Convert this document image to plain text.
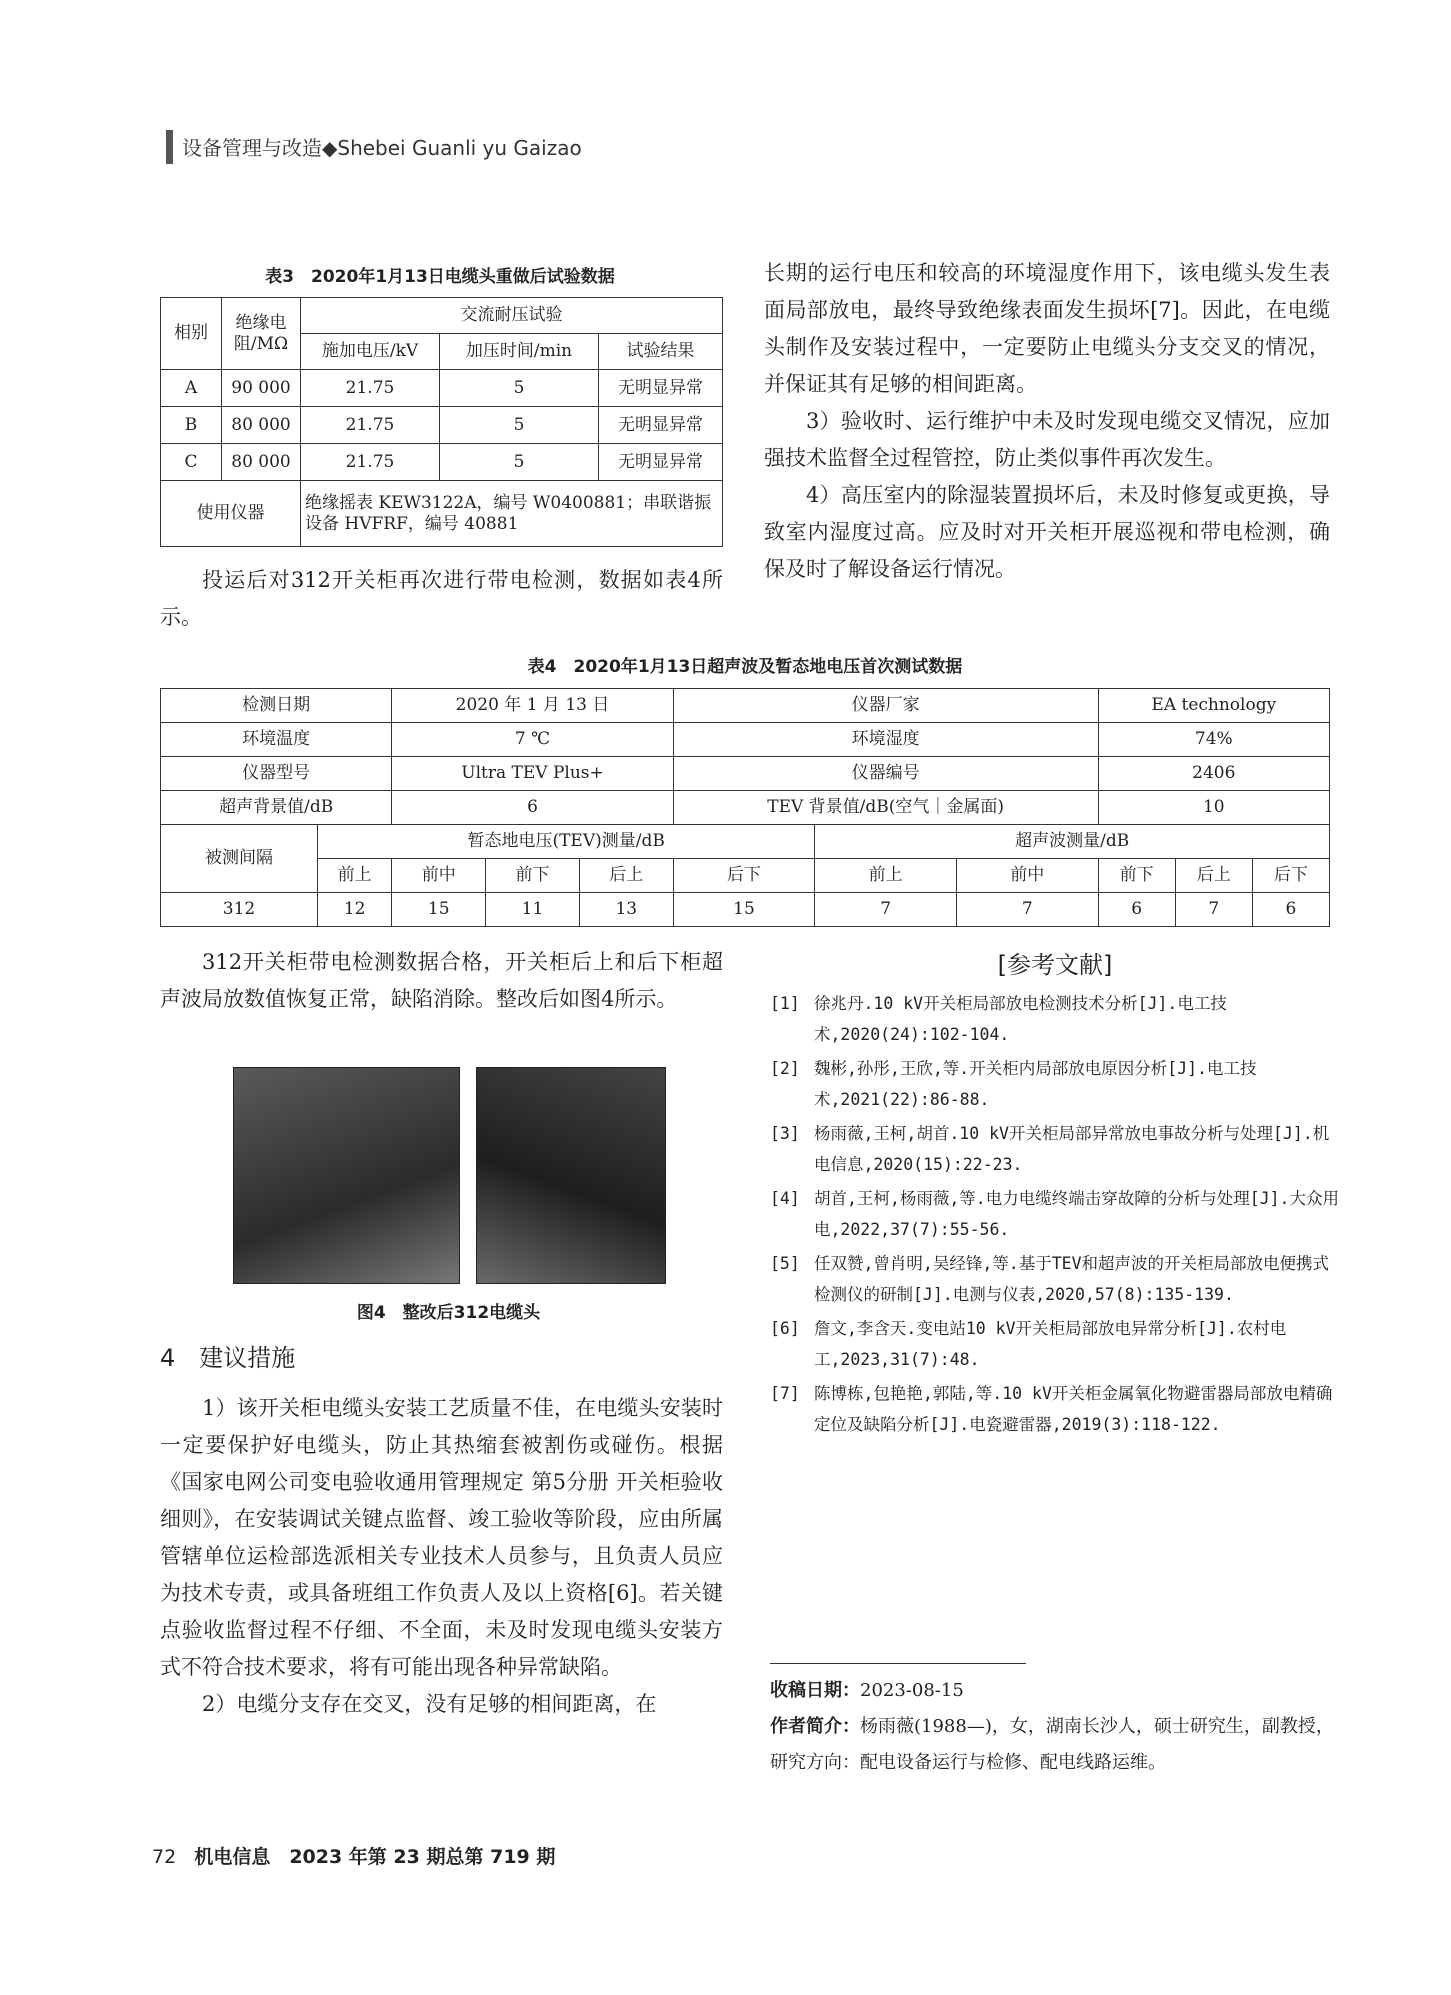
设备管理与改造◆Shebei Guanli yu Gaizao
表3　2020年1月13日电缆头重做后试验数据
相别	绝缘电阻/MΩ	交流耐压试验		
		施加电压/kV	加压时间/min	试验结果
A	90 000	21.75	5	无明显异常
B	80 000	21.75	5	无明显异常
C	80 000	21.75	5	无明显异常
使用仪器		绝缘摇表 KEW3122A，编号 W0400881；串联谐振设备 HVFRF，编号 40881		

投运后对312开关柜再次进行带电检测，数据如表4所示。

长期的运行电压和较高的环境湿度作用下，该电缆头发生表面局部放电，最终导致绝缘表面发生损坏[7]。因此，在电缆头制作及安装过程中，一定要防止电缆头分支交叉的情况，并保证其有足够的相间距离。

3）验收时、运行维护中未及时发现电缆交叉情况，应加强技术监督全过程管控，防止类似事件再次发生。

4）高压室内的除湿装置损坏后，未及时修复或更换，导致室内湿度过高。应及时对开关柜开展巡视和带电检测，确保及时了解设备运行情况。

表4　2020年1月13日超声波及暂态地电压首次测试数据
检测日期		2020 年 1 月 13 日			仪器厂家			EA technology		
环境温度		7 ℃			环境湿度			74%		
仪器型号		Ultra TEV Plus+			仪器编号			2406		
超声背景值/dB		6			TEV 背景值/dB(空气｜金属面)			10		
被测间隔	暂态地电压(TEV)测量/dB					超声波测量/dB				
	前上	前中	前下	后上	后下	前上	前中	前下	后上	后下
312	12	15	11	13	15	7	7	6	7	6

312开关柜带电检测数据合格，开关柜后上和后下柜超声波局放数值恢复正常，缺陷消除。整改后如图4所示。

图4　整改后312电缆头
4　建议措施

1）该开关柜电缆头安装工艺质量不佳，在电缆头安装时一定要保护好电缆头，防止其热缩套被割伤或碰伤。根据《国家电网公司变电验收通用管理规定 第5分册 开关柜验收细则》，在安装调试关键点监督、竣工验收等阶段，应由所属管辖单位运检部选派相关专业技术人员参与，且负责人员应为技术专责，或具备班组工作负责人及以上资格[6]。若关键点验收监督过程不仔细、不全面，未及时发现电缆头安装方式不符合技术要求，将有可能出现各种异常缺陷。

2）电缆分支存在交叉，没有足够的相间距离，在

[参考文献]
[1] 徐兆丹.10 kV开关柜局部放电检测技术分析[J].电工技术,2020(24):102-104.
[2] 魏彬,孙彤,王欣,等.开关柜内局部放电原因分析[J].电工技术,2021(22):86-88.
[3] 杨雨薇,王柯,胡首.10 kV开关柜局部异常放电事故分析与处理[J].机电信息,2020(15):22-23.
[4] 胡首,王柯,杨雨薇,等.电力电缆终端击穿故障的分析与处理[J].大众用电,2022,37(7):55-56.
[5] 任双赞,曾肖明,吴经锋,等.基于TEV和超声波的开关柜局部放电便携式检测仪的研制[J].电测与仪表,2020,57(8):135-139.
[6] 詹文,李含天.变电站10 kV开关柜局部放电异常分析[J].农村电工,2023,31(7):48.
[7] 陈博栋,包艳艳,郭陆,等.10 kV开关柜金属氧化物避雷器局部放电精确定位及缺陷分析[J].电瓷避雷器,2019(3):118-122.
收稿日期：2023-08-15
作者简介：杨雨薇(1988—)，女，湖南长沙人，硕士研究生，副教授，研究方向：配电设备运行与检修、配电线路运维。
72 机电信息　2023 年第 23 期总第 719 期
